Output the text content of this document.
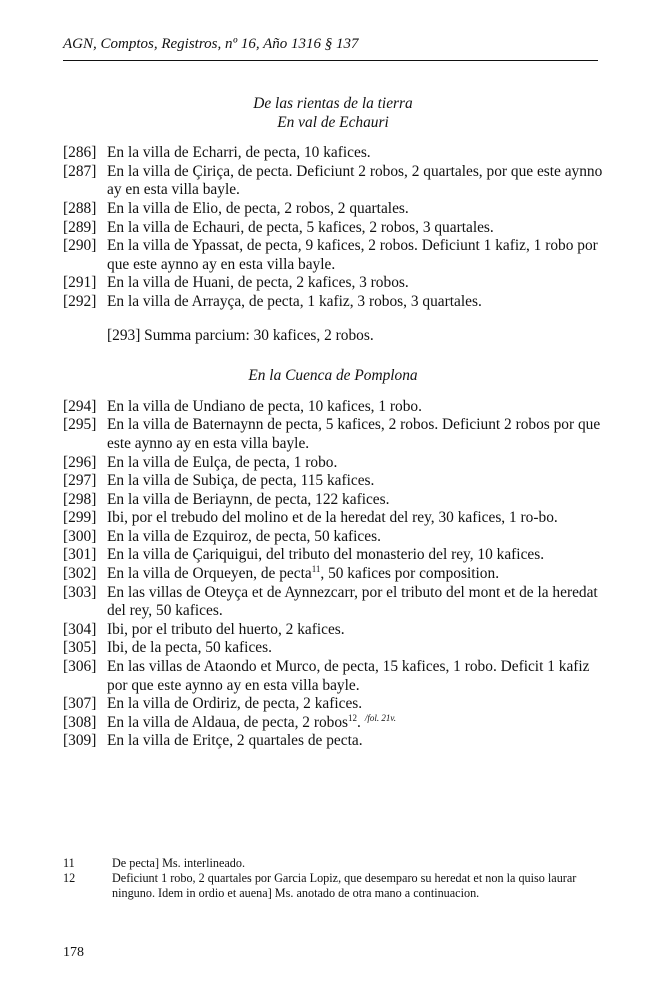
AGN, Comptos, Registros, nº 16, Año 1316 § 137
De las rientas de la tierra
En val de Echauri
[286] En la villa de Echarri, de pecta, 10 kafices.
[287] En la villa de Çiriça, de pecta. Deficiunt 2 robos, 2 quartales, por que este aynno ay en esta villa bayle.
[288] En la villa de Elio, de pecta, 2 robos, 2 quartales.
[289] En la villa de Echauri, de pecta, 5 kafices, 2 robos, 3 quartales.
[290] En la villa de Ypassat, de pecta, 9 kafices, 2 robos. Deficiunt 1 kafiz, 1 robo por que este aynno ay en esta villa bayle.
[291] En la villa de Huani, de pecta, 2 kafices, 3 robos.
[292] En la villa de Arrayça, de pecta, 1 kafiz, 3 robos, 3 quartales.
[293] Summa parcium: 30 kafices, 2 robos.
En la Cuenca de Pomplona
[294] En la villa de Undiano de pecta, 10 kafices, 1 robo.
[295] En la villa de Baternaynn de pecta, 5 kafices, 2 robos. Deficiunt 2 robos por que este aynno ay en esta villa bayle.
[296] En la villa de Eulça, de pecta, 1 robo.
[297] En la villa de Subiça, de pecta, 115 kafices.
[298] En la villa de Beriaynn, de pecta, 122 kafices.
[299] Ibi, por el trebudo del molino et de la heredat del rey, 30 kafices, 1 ro-bo.
[300] En la villa de Ezquiroz, de pecta, 50 kafices.
[301] En la villa de Çariquigui, del tributo del monasterio del rey, 10 kafices.
[302] En la villa de Orqueyen, de pecta$^{11}$, 50 kafices por composition.
[303] En las villas de Oteyça et de Aynnezcarr, por el tributo del mont et de la heredat del rey, 50 kafices.
[304] Ibi, por el tributo del huerto, 2 kafices.
[305] Ibi, de la pecta, 50 kafices.
[306] En las villas de Ataondo et Murco, de pecta, 15 kafices, 1 robo. Deficit 1 kafiz por que este aynno ay en esta villa bayle.
[307] En la villa de Ordiriz, de pecta, 2 kafices.
[308] En la villa de Aldaua, de pecta, 2 robos$^{12}$. $^{/fol. 21v.}$
[309] En la villa de Eritçe, 2 quartales de pecta.
11	De pecta] Ms. interlineado.
12	Deficiunt 1 robo, 2 quartales por Garcia Lopiz, que desemparo su heredat et non la quiso laurar ninguno. Idem in ordio et auena] Ms. anotado de otra mano a continuacion.
178
